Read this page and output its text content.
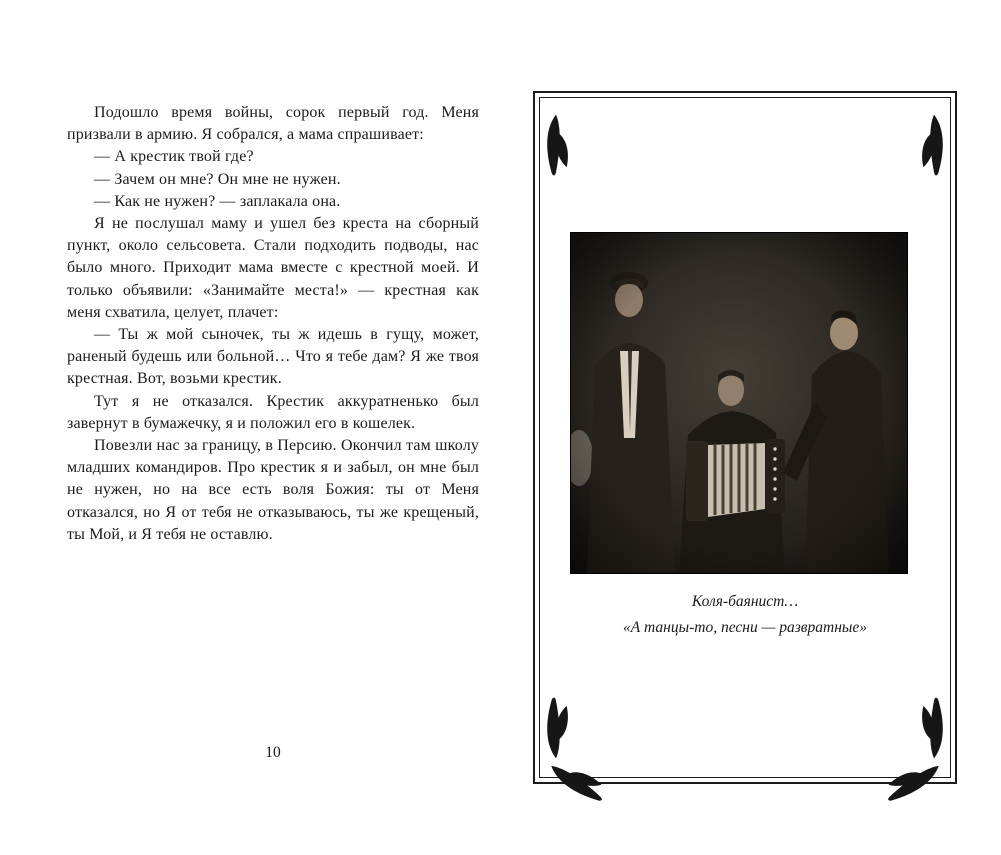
Подошло время войны, сорок первый год. Меня призвали в армию. Я собрался, а мама спрашивает:

— А крестик твой где?

— Зачем он мне? Он мне не нужен.

— Как не нужен? — заплакала она.

Я не послушал маму и ушел без креста на сборный пункт, около сельсовета. Стали подходить подводы, нас было много. Приходит мама вместе с крестной моей. И только объявили: «Занимайте места!» — крестная как меня схватила, целует, плачет:

— Ты ж мой сыночек, ты ж идешь в гущу, может, раненый будешь или больной… Что я тебе дам? Я же твоя крестная. Вот, возьми крестик.

Тут я не отказался. Крестик аккуратненько был завернут в бумажечку, я и положил его в кошелек.

Повезли нас за границу, в Персию. Окончил там школу младших командиров. Про крестик я и забыл, он мне был не нужен, но на все есть воля Божия: ты от Меня отказался, но Я от тебя не отказываюсь, ты же крещеный, ты Мой, и Я тебя не оставлю.

10
Коля-баянист…
«А танцы-то, песни — развратные»
